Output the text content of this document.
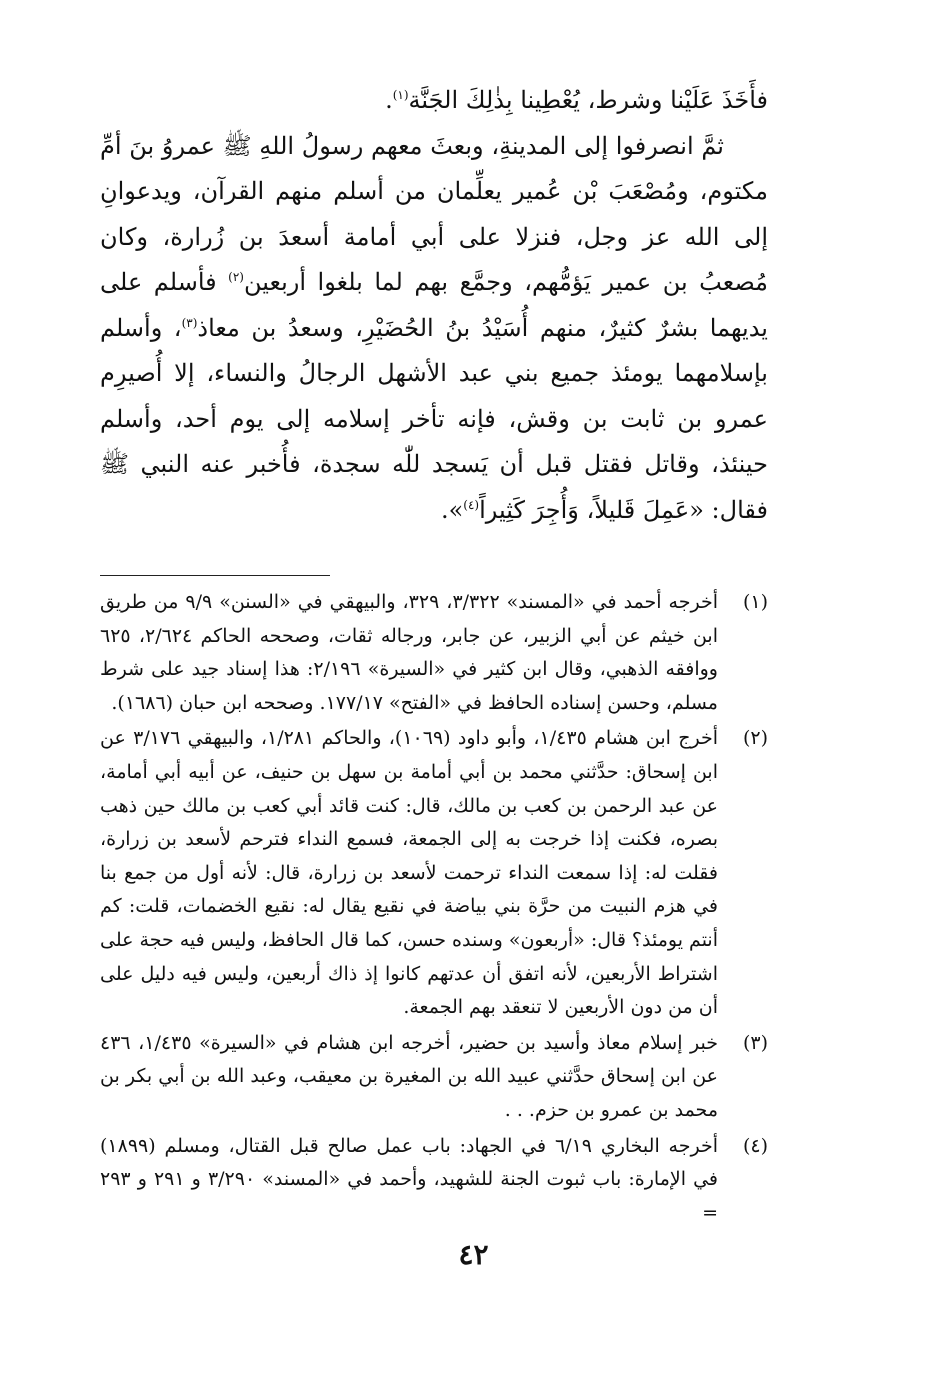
فأَخَذَ عَلَيْنا وشرط، يُعْطِينا بِذٰلِكَ الجَنَّة$^{(١)}$.

ثمَّ انصرفوا إلى المدينةِ، وبعثَ معهم رسولُ اللهِ ﷺ عمروُ بنَ أمِّ مكتوم، ومُصْعَبَ بْن عُمير يعلِّمان من أسلم منهم القرآن، ويدعوانِ إلى الله عز وجل، فنزلا على أبي أمامة أسعدَ بن زُرارة، وكان مُصعبُ بن عمير يَؤمُّهم، وجمَّع بهم لما بلغوا أربعين$^{(٢)}$ فأسلم على يديهما بشرٌ كثيرٌ، منهم أُسَيْدُ بنُ الحُضَيْرِ، وسعدُ بن معاذ$^{(٣)}$، وأسلم بإسلامهما يومئذ جميع بني عبد الأشهل الرجالُ والنساء، إلا أُصيرِم عمرو بن ثابت بن وقش، فإنه تأخر إسلامه إلى يوم أحد، وأسلم حينئذ، وقاتل فقتل قبل أن يَسجد للّٰه سجدة، فأُخبر عنه النبي ﷺ فقال: «عَمِلَ قَليلاً، وَأُجِرَ كَثِيراً$^{(٤)}$».

(١)
أخرجه أحمد في «المسند» ٣/٣٢٢، ٣٢٩، والبيهقي في «السنن» ٩/٩ من طريق ابن خيثم عن أبي الزبير، عن جابر، ورجاله ثقات، وصححه الحاكم ٢/٦٢٤، ٦٢٥ ووافقه الذهبي، وقال ابن كثير في «السيرة» ٢/١٩٦: هذا إسناد جيد على شرط مسلم، وحسن إسناده الحافظ في «الفتح» ١٧٧/١٧. وصححه ابن حبان (١٦٨٦).
(٢)
أخرج ابن هشام ١/٤٣٥، وأبو داود (١٠٦٩)، والحاكم ١/٢٨١، والبيهقي ٣/١٧٦ عن ابن إسحاق: حدَّثني محمد بن أبي أمامة بن سهل بن حنيف، عن أبيه أبي أمامة، عن عبد الرحمن بن كعب بن مالك، قال: كنت قائد أبي كعب بن مالك حين ذهب بصره، فكنت إذا خرجت به إلى الجمعة، فسمع النداء فترحم لأسعد بن زرارة، فقلت له: إذا سمعت النداء ترحمت لأسعد بن زرارة، قال: لأنه أول من جمع بنا في هزم النبيت من حرَّة بني بياضة في نقيع يقال له: نقيع الخضمات، قلت: كم أنتم يومئذ؟ قال: «أربعون» وسنده حسن، كما قال الحافظ، وليس فيه حجة على اشتراط الأربعين، لأنه اتفق أن عدتهم كانوا إذ ذاك أربعين، وليس فيه دليل على أن من دون الأربعين لا تنعقد بهم الجمعة.
(٣)
خبر إسلام معاذ وأسيد بن حضير، أخرجه ابن هشام في «السيرة» ١/٤٣٥، ٤٣٦ عن ابن إسحاق حدَّثني عبيد الله بن المغيرة بن معيقب، وعبد الله بن أبي بكر بن محمد بن عمرو بن حزم. . .
(٤)
أخرجه البخاري ٦/١٩ في الجهاد: باب عمل صالح قبل القتال، ومسلم (١٨٩٩) في الإمارة: باب ثبوت الجنة للشهيد، وأحمد في «المسند» ٣/٢٩٠ و ٢٩١ و ٢٩٣ =
٤٢
